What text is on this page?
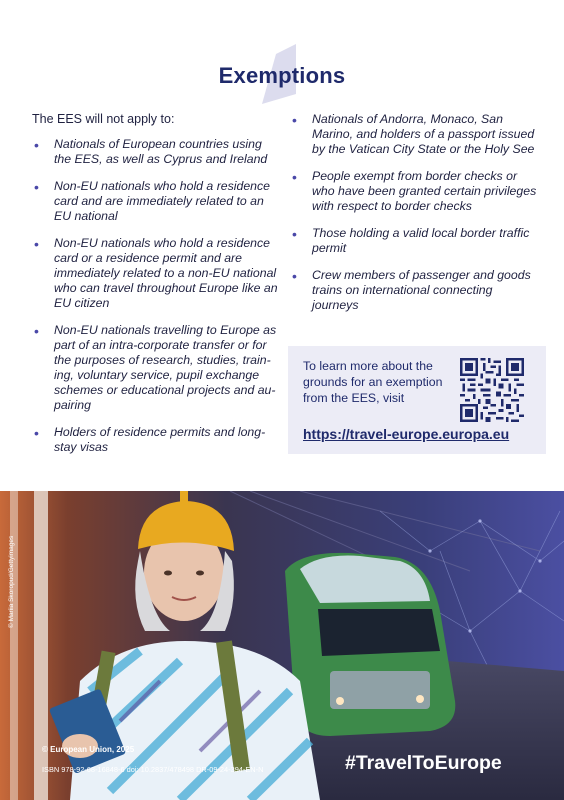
Exemptions
The EES will not apply to:
• Nationals of European countries using the EES, as well as Cyprus and Ireland
• Non-EU nationals who hold a residence card and are immediately related to an EU national
• Non-EU nationals who hold a residence card or a residence permit and are immediately related to a non-EU national who can travel throughout Europe like an EU citizen
• Non-EU nationals travelling to Europe as part of an intra-corporate transfer or for the purposes of research, studies, train-ing, voluntary service, pupil exchange schemes or educational projects and au-pairing
• Holders of residence permits and long-stay visas
• Nationals of Andorra, Monaco, San Marino, and holders of a passport issued by the Vatican City State or the Holy See
• People exempt from border checks or who have been granted certain privileges with respect to border checks
• Those holding a valid local border traffic permit
• Crew members of passenger and goods trains on international connecting journeys
To learn more about the grounds for an exemption from the EES, visit
https://travel-europe.europa.eu
© Mariia Skoropud/Gettyimages
© European Union, 2025
ISBN 978-92-68-16848-6 doi: 10.2837/478498 DR-09-24-394-EN-N	#TravelToEurope
